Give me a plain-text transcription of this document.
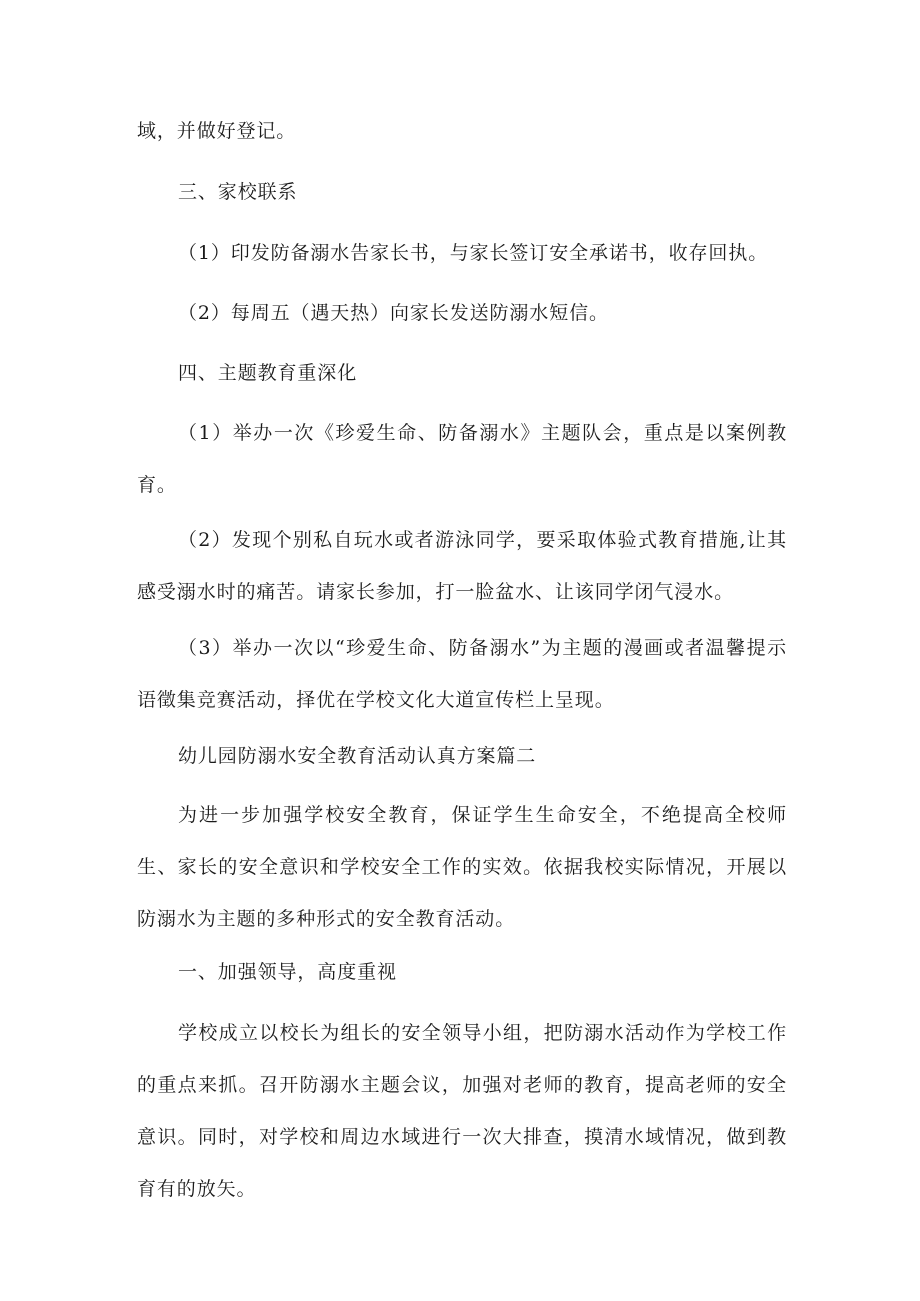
域，并做好登记。

三、家校联系

（1）印发防备溺水告家长书，与家长签订安全承诺书，收存回执。

（2）每周五（遇天热）向家长发送防溺水短信。

四、主题教育重深化

（1）举办一次《珍爱生命、防备溺水》主题队会，重点是以案例教育。

（2）发现个别私自玩水或者游泳同学，要采取体验式教育措施,让其感受溺水时的痛苦。请家长参加，打一脸盆水、让该同学闭气浸水。

（3）举办一次以“珍爱生命、防备溺水”为主题的漫画或者温馨提示语徵集竞赛活动，择优在学校文化大道宣传栏上呈现。

幼儿园防溺水安全教育活动认真方案篇二

为进一步加强学校安全教育，保证学生生命安全，不绝提高全校师生、家长的安全意识和学校安全工作的实效。依据我校实际情况，开展以防溺水为主题的多种形式的安全教育活动。

一、加强领导，高度重视

学校成立以校长为组长的安全领导小组，把防溺水活动作为学校工作的重点来抓。召开防溺水主题会议，加强对老师的教育，提高老师的安全意识。同时，对学校和周边水域进行一次大排查，摸清水域情况，做到教育有的放矢。
